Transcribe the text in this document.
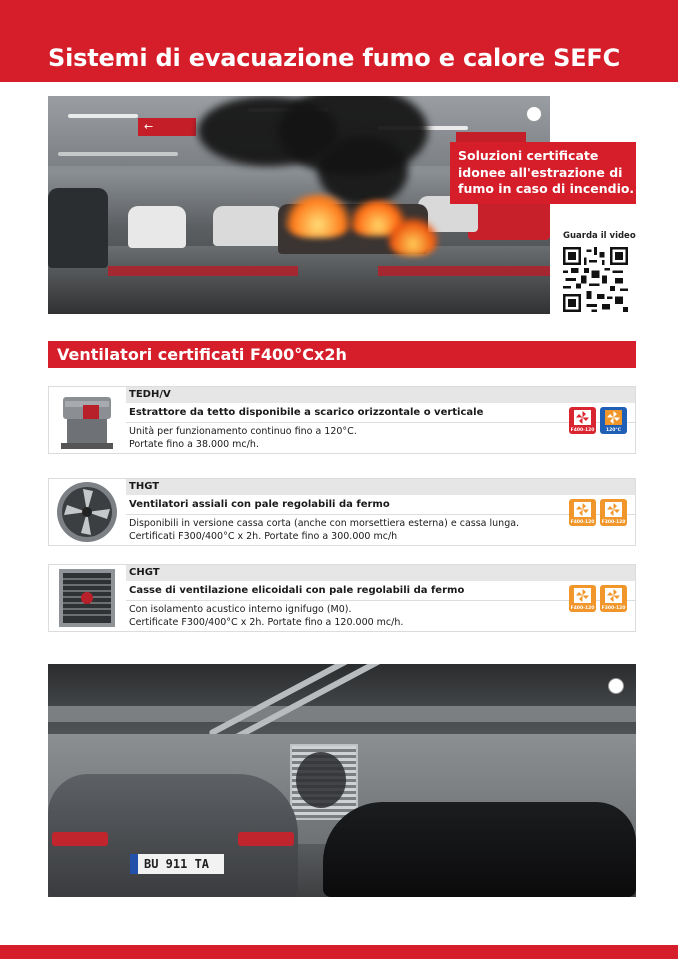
Sistemi di evacuazione fumo e calore SEFC
←
Soluzioni certificate
idonee all'estrazione di
fumo in caso di incendio.
Guarda il video
Ventilatori certificati F400°Cx2h
TEDH/V
Estrattore da tetto disponibile a scarico orizzontale o verticale
Unità per funzionamento continuo fino a 120°C.
Portate fino a 38.000 mc/h.
F400-120	120°C
THGT
Ventilatori assiali con pale regolabili da fermo
Disponibili in versione cassa corta (anche con morsettiera esterna) e cassa lunga.
Certificati F300/400°C x 2h. Portate fino a 300.000 mc/h
F400-120	F300-120
CHGT
Casse di ventilazione elicoidali con pale regolabili da fermo
Con isolamento acustico interno ignifugo (M0).
Certificate F300/400°C x 2h. Portate fino a 120.000 mc/h.
F400-120	F300-120
BU 911 TA
